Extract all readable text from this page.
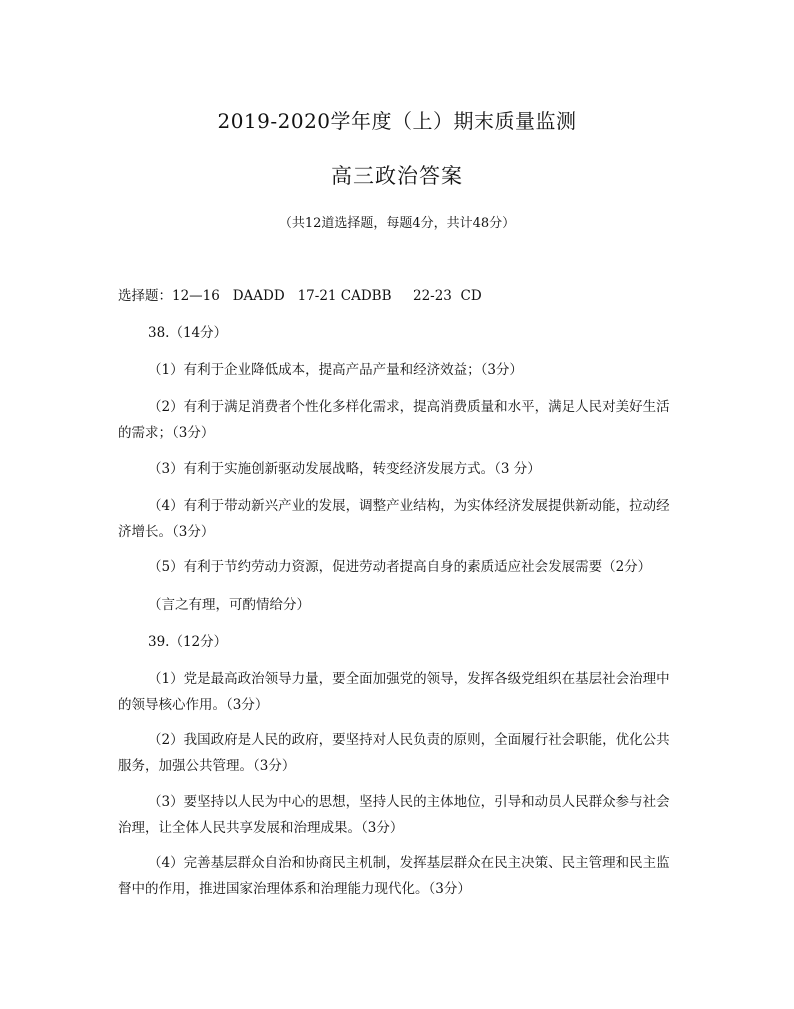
2019-2020学年度（上）期末质量监测
高三政治答案
（共12道选择题，每题4分，共计48分）
选择题：12—16   DAADD   17-21 CADBB     22-23  CD
38.（14分）
（1）有利于企业降低成本，提高产品产量和经济效益；（3分）
（2）有利于满足消费者个性化多样化需求，提高消费质量和水平，满足人民对美好生活的需求；（3分）
（3）有利于实施创新驱动发展战略，转变经济发展方式。（3 分）
（4）有利于带动新兴产业的发展，调整产业结构，为实体经济发展提供新动能，拉动经济增长。（3分）
（5）有利于节约劳动力资源，促进劳动者提高自身的素质适应社会发展需要（2分）
（言之有理，可酌情给分）
39.（12分）
（1）党是最高政治领导力量，要全面加强党的领导，发挥各级党组织在基层社会治理中的领导核心作用。（3分）
（2）我国政府是人民的政府，要坚持对人民负责的原则，全面履行社会职能，优化公共服务，加强公共管理。（3分）
（3）要坚持以人民为中心的思想，坚持人民的主体地位，引导和动员人民群众参与社会治理，让全体人民共享发展和治理成果。（3分）
（4）完善基层群众自治和协商民主机制，发挥基层群众在民主决策、民主管理和民主监督中的作用，推进国家治理体系和治理能力现代化。（3分）
